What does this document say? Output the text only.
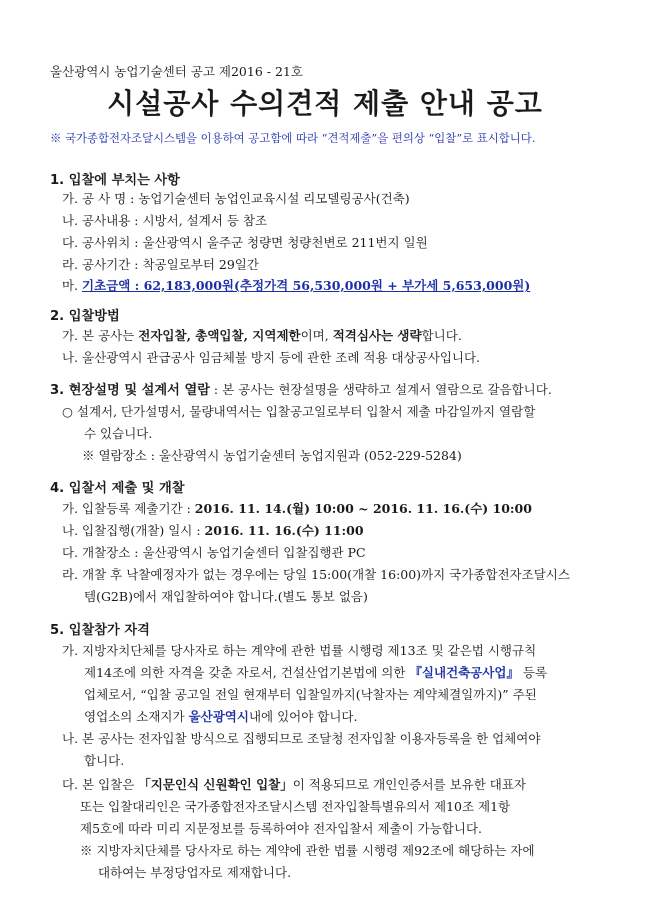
울산광역시 농업기술센터 공고 제2016 - 21호
시설공사 수의견적 제출 안내 공고
※ 국가종합전자조달시스템을 이용하여 공고함에 따라 “견적제출”을 편의상 “입찰”로 표시합니다.
1. 입찰에 부치는 사항
가. 공 사 명 : 농업기술센터 농업인교육시설 리모델링공사(건축)
나. 공사내용 : 시방서, 설계서 등 참조
다. 공사위치 : 울산광역시 울주군 청량면 청량천변로 211번지 일원
라. 공사기간 : 착공일로부터 29일간
마. 기초금액 : 62,183,000원(추정가격 56,530,000원 + 부가세 5,653,000원)
2. 입찰방법
가. 본 공사는 전자입찰, 총액입찰, 지역제한이며, 적격심사는 생략합니다.
나. 울산광역시 관급공사 임금체불 방지 등에 관한 조례 적용 대상공사입니다.
3. 현장설명 및 설계서 열람 : 본 공사는 현장설명을 생략하고 설계서 열람으로 갈음합니다.
○ 설계서, 단가설명서, 물량내역서는 입찰공고일로부터 입찰서 제출 마감일까지 열람할
수 있습니다.
※ 열람장소 : 울산광역시 농업기술센터 농업지원과 (052-229-5284)
4. 입찰서 제출 및 개찰
가. 입찰등록 제출기간 : 2016. 11. 14.(월) 10:00 ~ 2016. 11. 16.(수) 10:00
나. 입찰집행(개찰) 일시 : 2016. 11. 16.(수) 11:00
다. 개찰장소 : 울산광역시 농업기술센터 입찰집행관 PC
라. 개찰 후 낙찰예정자가 없는 경우에는 당일 15:00(개찰 16:00)까지 국가종합전자조달시스
템(G2B)에서 재입찰하여야 합니다.(별도 통보 없음)
5. 입찰참가 자격
가. 지방자치단체를 당사자로 하는 계약에 관한 법률 시행령 제13조 및 같은법 시행규칙
제14조에 의한 자격을 갖춘 자로서, 건설산업기본법에 의한 『실내건축공사업』 등록
업체로서, “입찰 공고일 전일 현재부터 입찰일까지(낙찰자는 계약체결일까지)” 주된
영업소의 소재지가 울산광역시내에 있어야 합니다.
나. 본 공사는 전자입찰 방식으로 집행되므로 조달청 전자입찰 이용자등록을 한 업체여야
합니다.
다. 본 입찰은 「지문인식 신원확인 입찰」이 적용되므로 개인인증서를 보유한 대표자
또는 입찰대리인은 국가종합전자조달시스템 전자입찰특별유의서 제10조 제1항
제5호에 따라 미리 지문정보를 등록하여야 전자입찰서 제출이 가능합니다.
※ 지방자치단체를 당사자로 하는 계약에 관한 법률 시행령 제92조에 해당하는 자에
대하여는 부정당업자로 제재합니다.
